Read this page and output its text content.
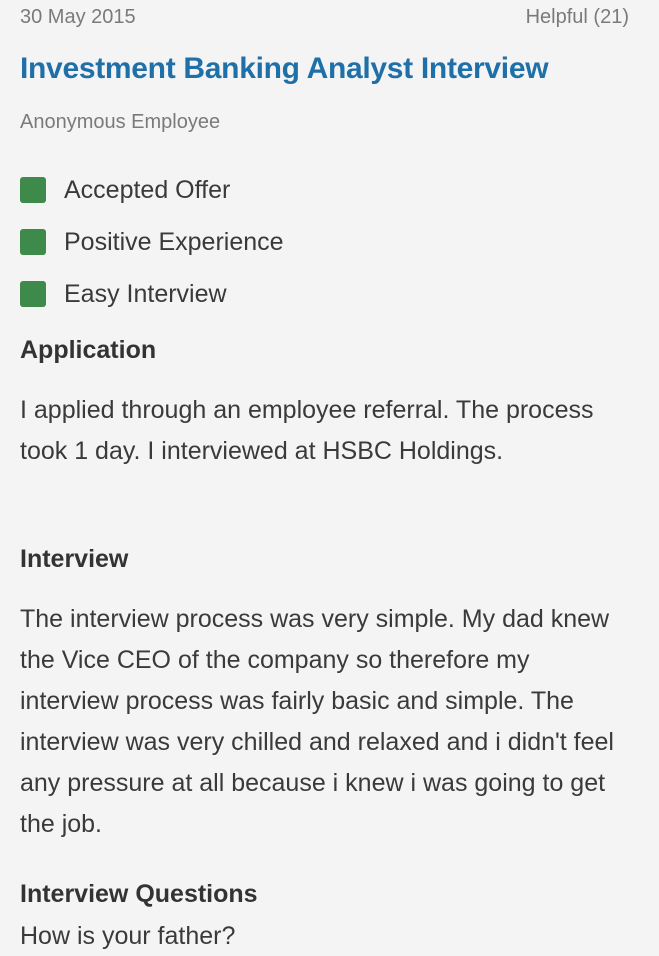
30 May 2015	Helpful (21)
Investment Banking Analyst Interview
Anonymous Employee
Accepted Offer
Positive Experience
Easy Interview
Application
I applied through an employee referral. The process took 1 day. I interviewed at HSBC Holdings.
Interview
The interview process was very simple. My dad knew the Vice CEO of the company so therefore my interview process was fairly basic and simple. The interview was very chilled and relaxed and i didn't feel any pressure at all because i knew i was going to get the job.
Interview Questions
How is your father?
